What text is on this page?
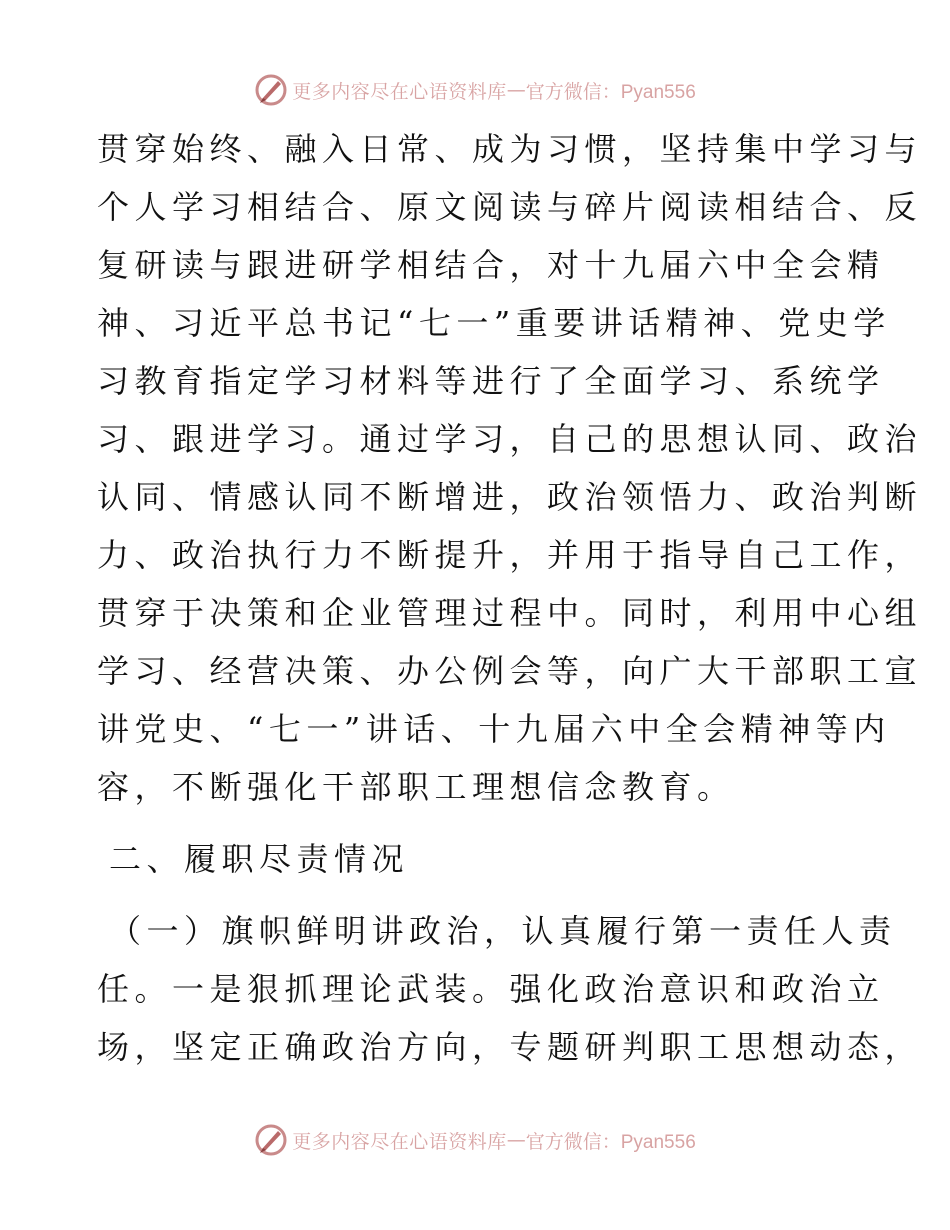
更多内容尽在心语资料库 — 官方微信：Pyan556
贯穿始终、融入日常、成为习惯，坚持集中学习与
个人学习相结合、原文阅读与碎片阅读相结合、反
复研读与跟进研学相结合，对十九届六中全会精
神、习近平总书记“七一”重要讲话精神、党史学
习教育指定学习材料等进行了全面学习、系统学
习、跟进学习。通过学习，自己的思想认同、政治
认同、情感认同不断增进，政治领悟力、政治判断
力、政治执行力不断提升，并用于指导自己工作，
贯穿于决策和企业管理过程中。同时，利用中心组
学习、经营决策、办公例会等，向广大干部职工宣
讲党史、“七一”讲话、十九届六中全会精神等内
容，不断强化干部职工理想信念教育。
二、履职尽责情况
（一）旗帜鲜明讲政治，认真履行第一责任人责
任。一是狠抓理论武装。强化政治意识和政治立
场，坚定正确政治方向，专题研判职工思想动态，
更多内容尽在心语资料库 — 官方微信：Pyan556
